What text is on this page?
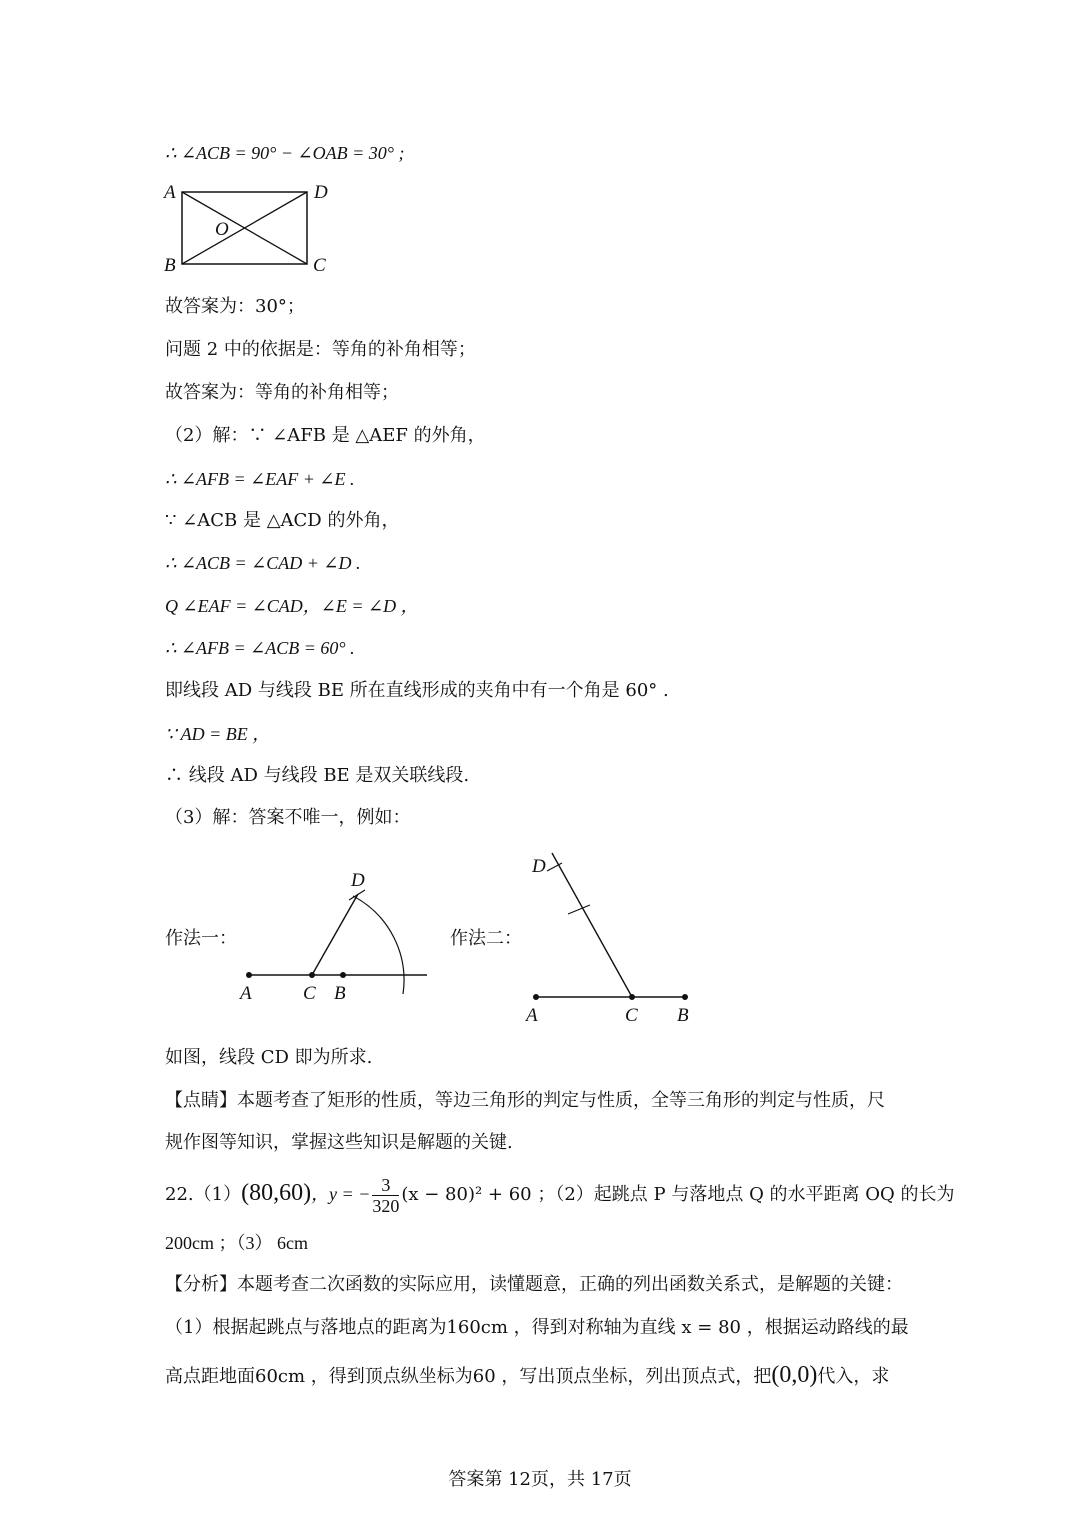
∴ ∠ACB = 90° − ∠OAB = 30° ;
A	D
O
B	C
故答案为：30°；
问题 2 中的依据是：等角的补角相等；
故答案为：等角的补角相等；
（2）解：∵ ∠AFB 是 △AEF 的外角，
∴ ∠AFB = ∠EAF + ∠E .
∵ ∠ACB 是 △ACD 的外角，
∴ ∠ACB = ∠CAD + ∠D .
Q ∠EAF = ∠CAD，∠E = ∠D ，
∴ ∠AFB = ∠ACB = 60° .
即线段 AD 与线段 BE 所在直线形成的夹角中有一个角是 60° .
∵ AD = BE ，
∴ 线段 AD 与线段 BE 是双关联线段.
（3）解：答案不唯一，例如：
作法一：
D
A	C B
作法二：
D
A	C B
如图，线段 CD 即为所求.
【点睛】本题考查了矩形的性质，等边三角形的判定与性质，全等三角形的判定与性质，尺
规作图等知识，掌握这些知识是解题的关键.
22.（1）(80,60)，y = − $\frac{3}{320} (x - 80)^2 + 60$ ；（2）起跳点 P 与落地点 Q 的水平距离 OQ 的长为
200cm ；（3） 6cm
【分析】本题考查二次函数的实际应用，读懂题意，正确的列出函数关系式，是解题的关键：
（1）根据起跳点与落地点的距离为160cm ，得到对称轴为直线 x = 80 ，根据运动路线的最
高点距地面60cm ，得到顶点纵坐标为60 ，写出顶点坐标，列出顶点式，把(0,0)代入，求
答案第 12页，共 17页
